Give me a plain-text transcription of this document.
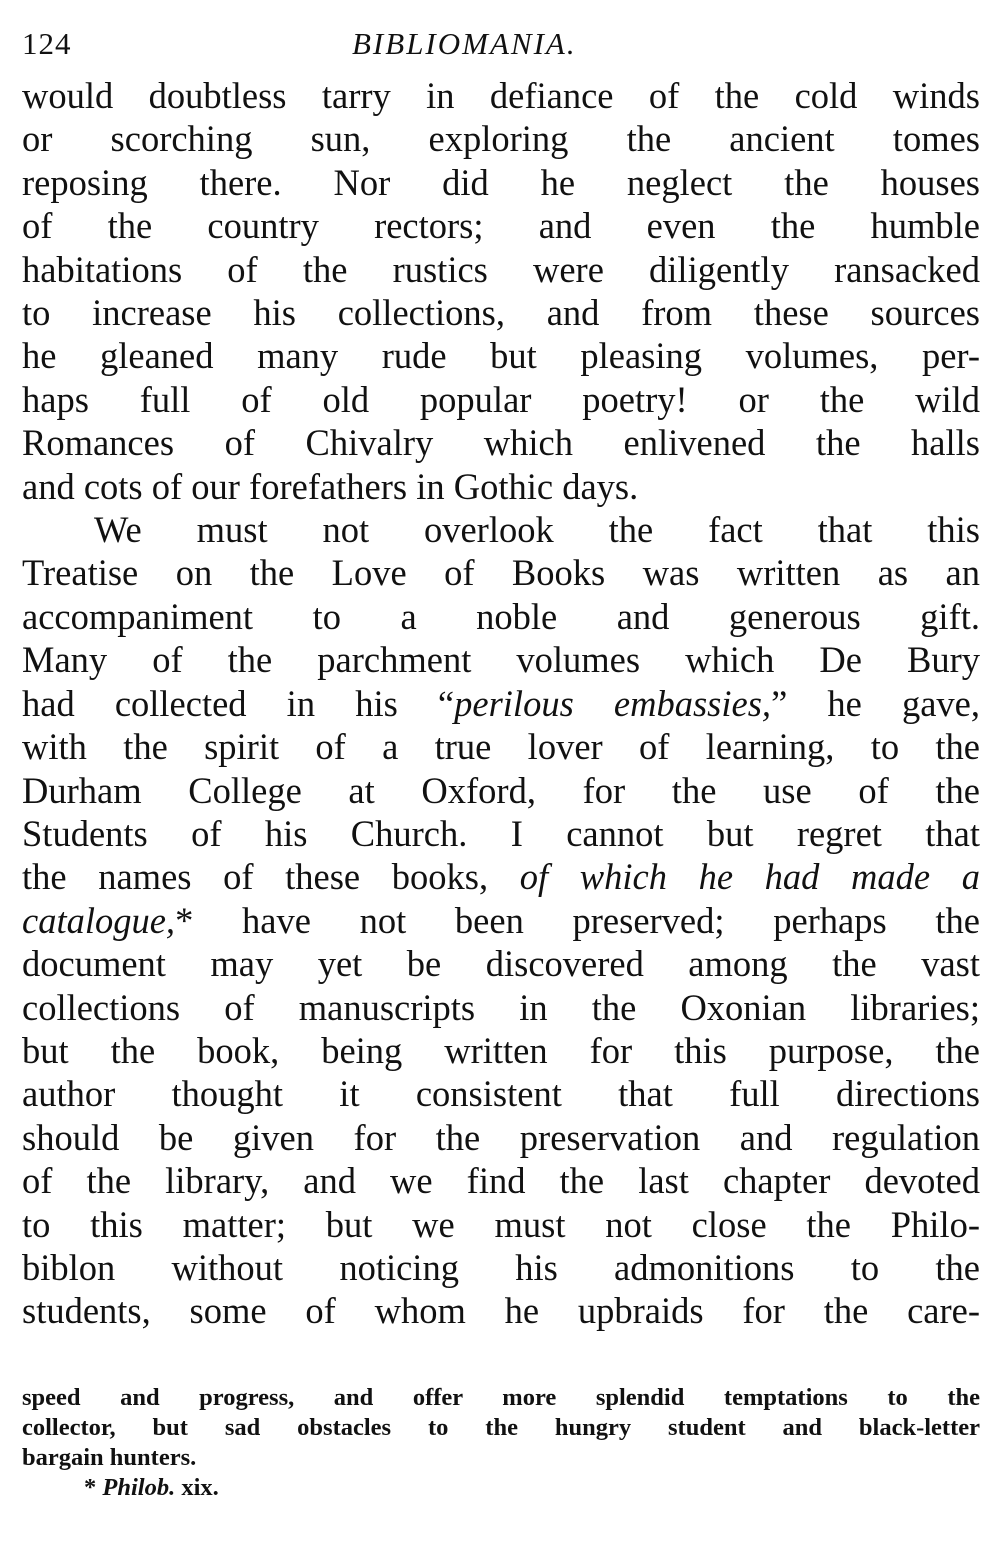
124	BIBLIOMANIA.
would doubtless tarry in defiance of the cold winds
or scorching sun, exploring the ancient tomes
reposing there. Nor did he neglect the houses
of the country rectors; and even the humble
habitations of the rustics were diligently ransacked
to increase his collections, and from these sources
he gleaned many rude but pleasing volumes, per-
haps full of old popular poetry! or the wild
Romances of Chivalry which enlivened the halls
and cots of our forefathers in Gothic days.
We must not overlook the fact that this
Treatise on the Love of Books was written as an
accompaniment to a noble and generous gift.
Many of the parchment volumes which De Bury
had collected in his “perilous embassies,” he gave,
with the spirit of a true lover of learning, to the
Durham College at Oxford, for the use of the
Students of his Church. I cannot but regret that
the names of these books, of which he had made a
catalogue,* have not been preserved; perhaps the
document may yet be discovered among the vast
collections of manuscripts in the Oxonian libraries;
but the book, being written for this purpose, the
author thought it consistent that full directions
should be given for the preservation and regulation
of the library, and we find the last chapter devoted
to this matter; but we must not close the Philo-
biblon without noticing his admonitions to the
students, some of whom he upbraids for the care-
speed and progress, and offer more splendid temptations to the
collector, but sad obstacles to the hungry student and black-letter
bargain hunters.
* Philob. xix.
